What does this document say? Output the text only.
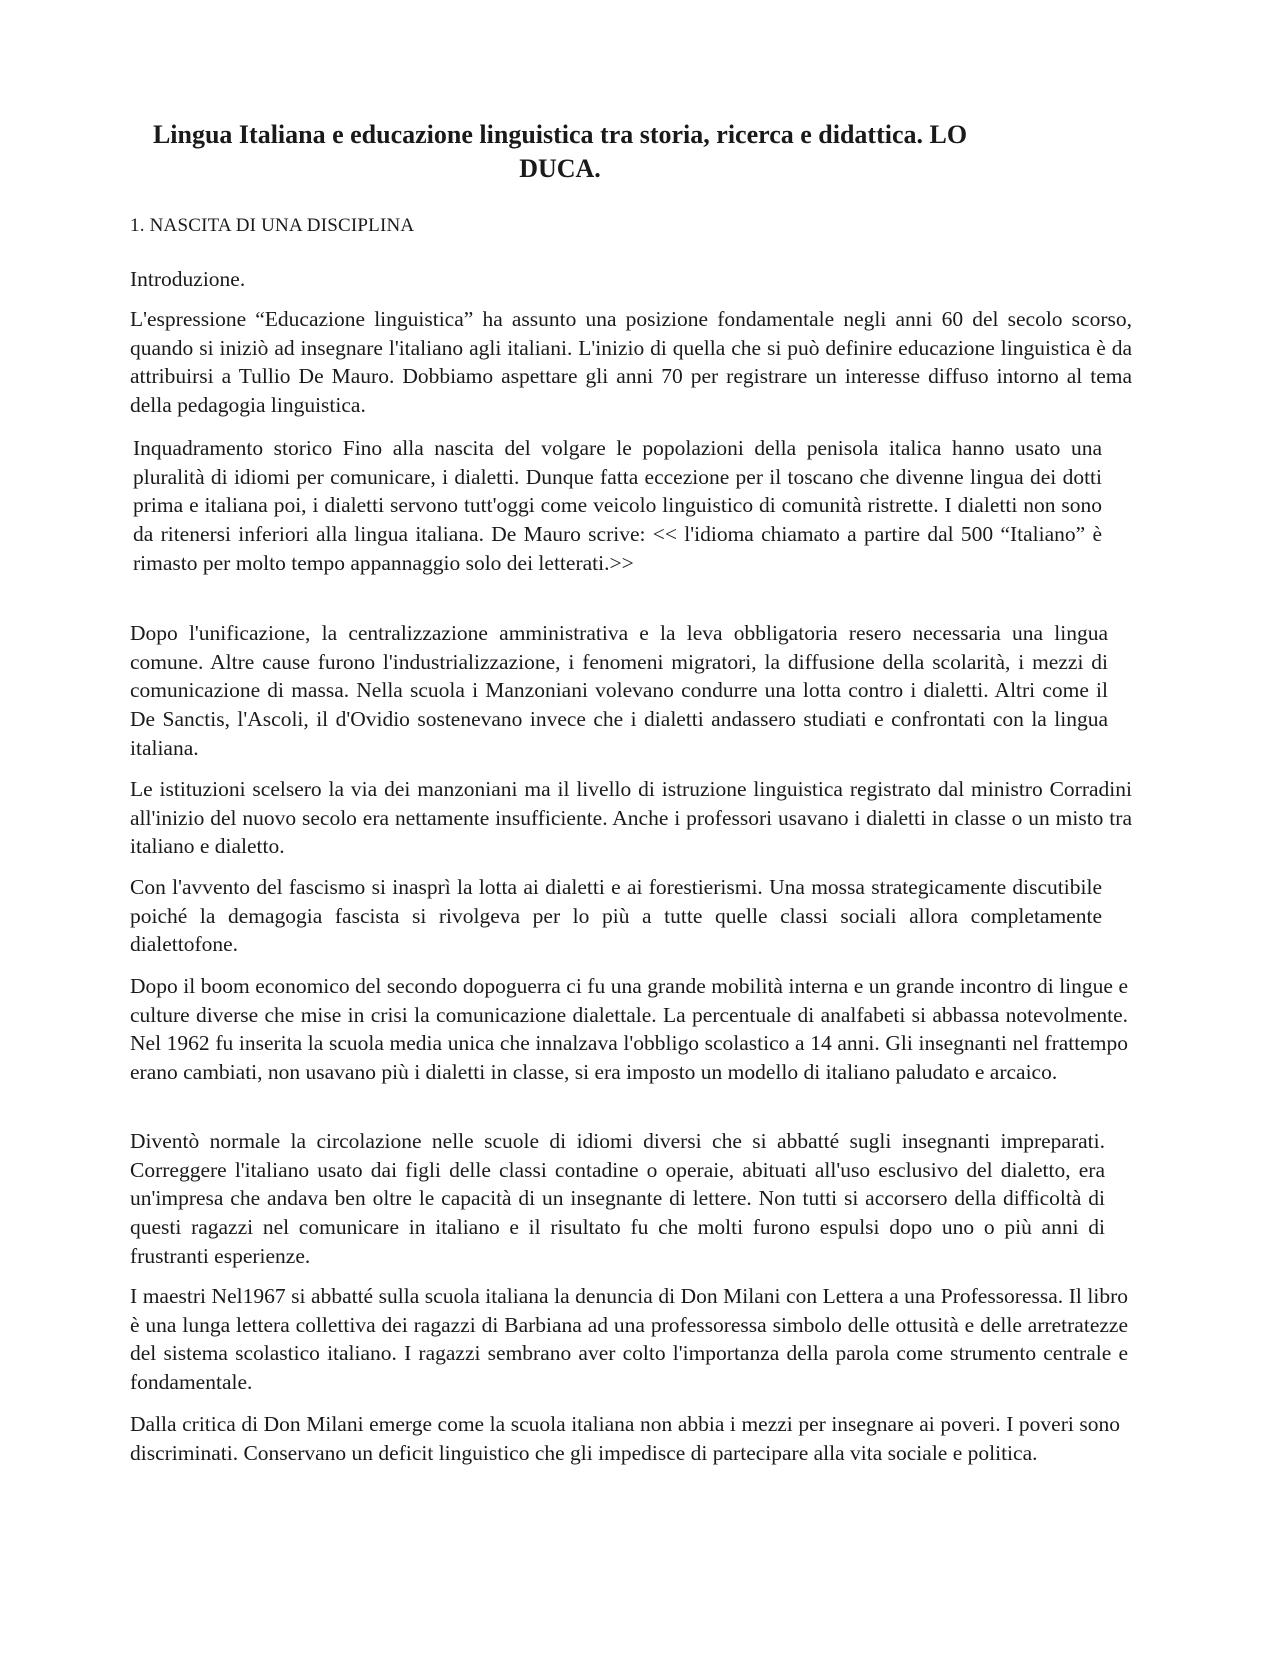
Lingua Italiana e educazione linguistica tra storia, ricerca e didattica. LO DUCA.
1. NASCITA DI UNA DISCIPLINA

Introduzione.

L'espressione “Educazione linguistica” ha assunto una posizione fondamentale negli anni 60 del secolo scorso, quando si iniziò ad insegnare l'italiano agli italiani. L'inizio di quella che si può definire educazione linguistica è da attribuirsi a Tullio De Mauro. Dobbiamo aspettare gli anni 70 per registrare un interesse diffuso intorno al tema della pedagogia linguistica.

Inquadramento storico Fino alla nascita del volgare le popolazioni della penisola italica hanno usato una pluralità di idiomi per comunicare, i dialetti. Dunque fatta eccezione per il toscano che divenne lingua dei dotti prima e italiana poi, i dialetti servono tutt'oggi come veicolo linguistico di comunità ristrette. I dialetti non sono da ritenersi inferiori alla lingua italiana. De Mauro scrive: << l'idioma chiamato a partire dal 500 “Italiano” è rimasto per molto tempo appannaggio solo dei letterati.>>

Dopo l'unificazione, la centralizzazione amministrativa e la leva obbligatoria resero necessaria una lingua comune. Altre cause furono l'industrializzazione, i fenomeni migratori, la diffusione della scolarità, i mezzi di comunicazione di massa. Nella scuola i Manzoniani volevano condurre una lotta contro i dialetti. Altri come il De Sanctis, l'Ascoli, il d'Ovidio sostenevano invece che i dialetti andassero studiati e confrontati con la lingua italiana.

Le istituzioni scelsero la via dei manzoniani ma il livello di istruzione linguistica registrato dal ministro Corradini all'inizio del nuovo secolo era nettamente insufficiente. Anche i professori usavano i dialetti in classe o un misto tra italiano e dialetto.

Con l'avvento del fascismo si inasprì la lotta ai dialetti e ai forestierismi. Una mossa strategicamente discutibile poiché la demagogia fascista si rivolgeva per lo più a tutte quelle classi sociali allora completamente dialettofone.

Dopo il boom economico del secondo dopoguerra ci fu una grande mobilità interna e un grande incontro di lingue e culture diverse che mise in crisi la comunicazione dialettale. La percentuale di analfabeti si abbassa notevolmente. Nel 1962 fu inserita la scuola media unica che innalzava l'obbligo scolastico a 14 anni. Gli insegnanti nel frattempo erano cambiati, non usavano più i dialetti in classe, si era imposto un modello di italiano paludato e arcaico.

Diventò normale la circolazione nelle scuole di idiomi diversi che si abbatté sugli insegnanti impreparati. Correggere l'italiano usato dai figli delle classi contadine o operaie, abituati all'uso esclusivo del dialetto, era un'impresa che andava ben oltre le capacità di un insegnante di lettere. Non tutti si accorsero della difficoltà di questi ragazzi nel comunicare in italiano e il risultato fu che molti furono espulsi dopo uno o più anni di frustranti esperienze.

I maestri Nel1967 si abbatté sulla scuola italiana la denuncia di Don Milani con Lettera a una Professoressa. Il libro è una lunga lettera collettiva dei ragazzi di Barbiana ad una professoressa simbolo delle ottusità e delle arretratezze del sistema scolastico italiano. I ragazzi sembrano aver colto l'importanza della parola come strumento centrale e fondamentale.

Dalla critica di Don Milani emerge come la scuola italiana non abbia i mezzi per insegnare ai poveri. I poveri sono discriminati. Conservano un deficit linguistico che gli impedisce di partecipare alla vita sociale e politica.
